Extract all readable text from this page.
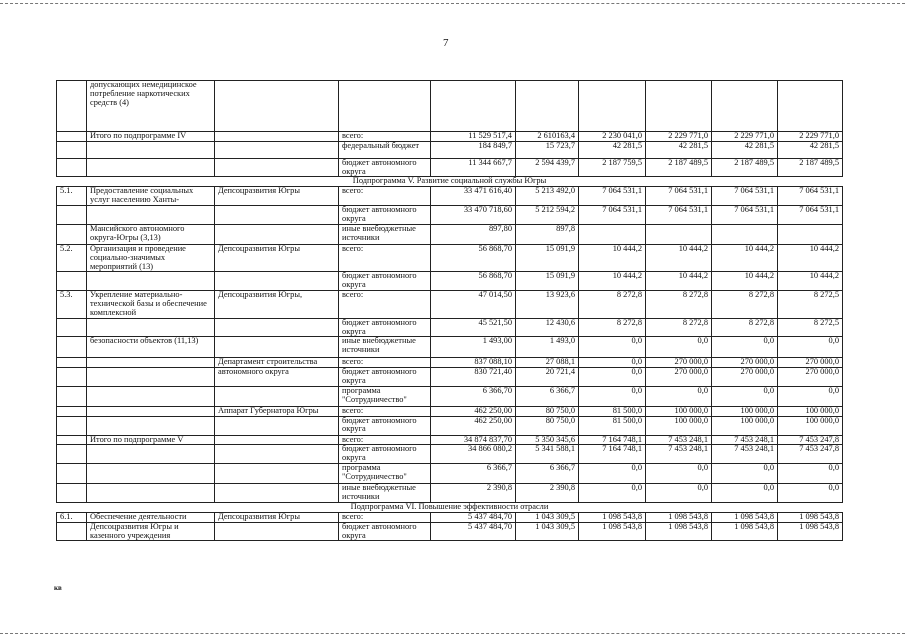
7
	допускающих немедицинское потребление наркотических средств (4)								
	Итого по подпрограмме IV		всего:	11 529 517,4	2 610163,4	2 230 041,0	2 229 771,0	2 229 771,0	2 229 771,0
			федеральный бюджет	184 849,7	15 723,7	42 281,5	42 281,5	42 281,5	42 281,5
			бюджет автономного округа	11 344 667,7	2 594 439,7	2 187 759,5	2 187 489,5	2 187 489,5	2 187 489,5
Подпрограмма V. Развитие социальной службы Югры									
5.1.	Предоставление социальных услуг населению Ханты-	Депсоцразвития Югры	всего:	33 471 616,40	5 213 492,0	7 064 531,1	7 064 531,1	7 064 531,1	7 064 531,1
			бюджет автономного округа	33 470 718,60	5 212 594,2	7 064 531,1	7 064 531,1	7 064 531,1	7 064 531,1
	Мансийского автономного округа-Югры (3,13)		иные внебюджетные источники	897,80	897,8				
5.2.	Организация и проведение социально-значимых мероприятий (13)	Депсоцразвития Югры	всего:	56 868,70	15 091,9	10 444,2	10 444,2	10 444,2	10 444,2
			бюджет автономного округа	56 868,70	15 091,9	10 444,2	10 444,2	10 444,2	10 444,2
5.3.	Укрепление материально-технической базы и обеспечение комплексной	Депсоцразвития Югры,	всего:	47 014,50	13 923,6	8 272,8	8 272,8	8 272,8	8 272,5
			бюджет автономного округа	45 521,50	12 430,6	8 272,8	8 272,8	8 272,8	8 272,5
	безопасности объектов (11,13)		иные внебюджетные источники	1 493,00	1 493,0	0,0	0,0	0,0	0,0
		Департамент строительства	всего:	837 088,10	27 088,1	0,0	270 000,0	270 000,0	270 000,0
		автономного округа	бюджет автономного округа	830 721,40	20 721,4	0,0	270 000,0	270 000,0	270 000,0
			программа "Сотрудничество"	6 366,70	6 366,7	0,0	0,0	0,0	0,0
		Аппарат Губернатора Югры	всего:	462 250,00	80 750,0	81 500,0	100 000,0	100 000,0	100 000,0
			бюджет автономного округа	462 250,00	80 750,0	81 500,0	100 000,0	100 000,0	100 000,0
	Итого по подпрограмме V		всего:	34 874 837,70	5 350 345,6	7 164 748,1	7 453 248,1	7 453 248,1	7 453 247,8
			бюджет автономного округа	34 866 080,2	5 341 588,1	7 164 748,1	7 453 248,1	7 453 248,1	7 453 247,8
			программа "Сотрудничество"	6 366,7	6 366,7	0,0	0,0	0,0	0,0
			иные внебюджетные источники	2 390,8	2 390,8	0,0	0,0	0,0	0,0
Подпрограмма VI. Повышение эффективности отрасли									
6.1.	Обеспечение деятельности	Депсоцразвития Югры	всего:	5 437 484,70	1 043 309,5	1 098 543,8	1 098 543,8	1 098 543,8	1 098 543,8
	Депсоцразвития Югры и казенного учреждения		бюджет автономного округа	5 437 484,70	1 043 309,5	1 098 543,8	1 098 543,8	1 098 543,8	1 098 543,8
кв
